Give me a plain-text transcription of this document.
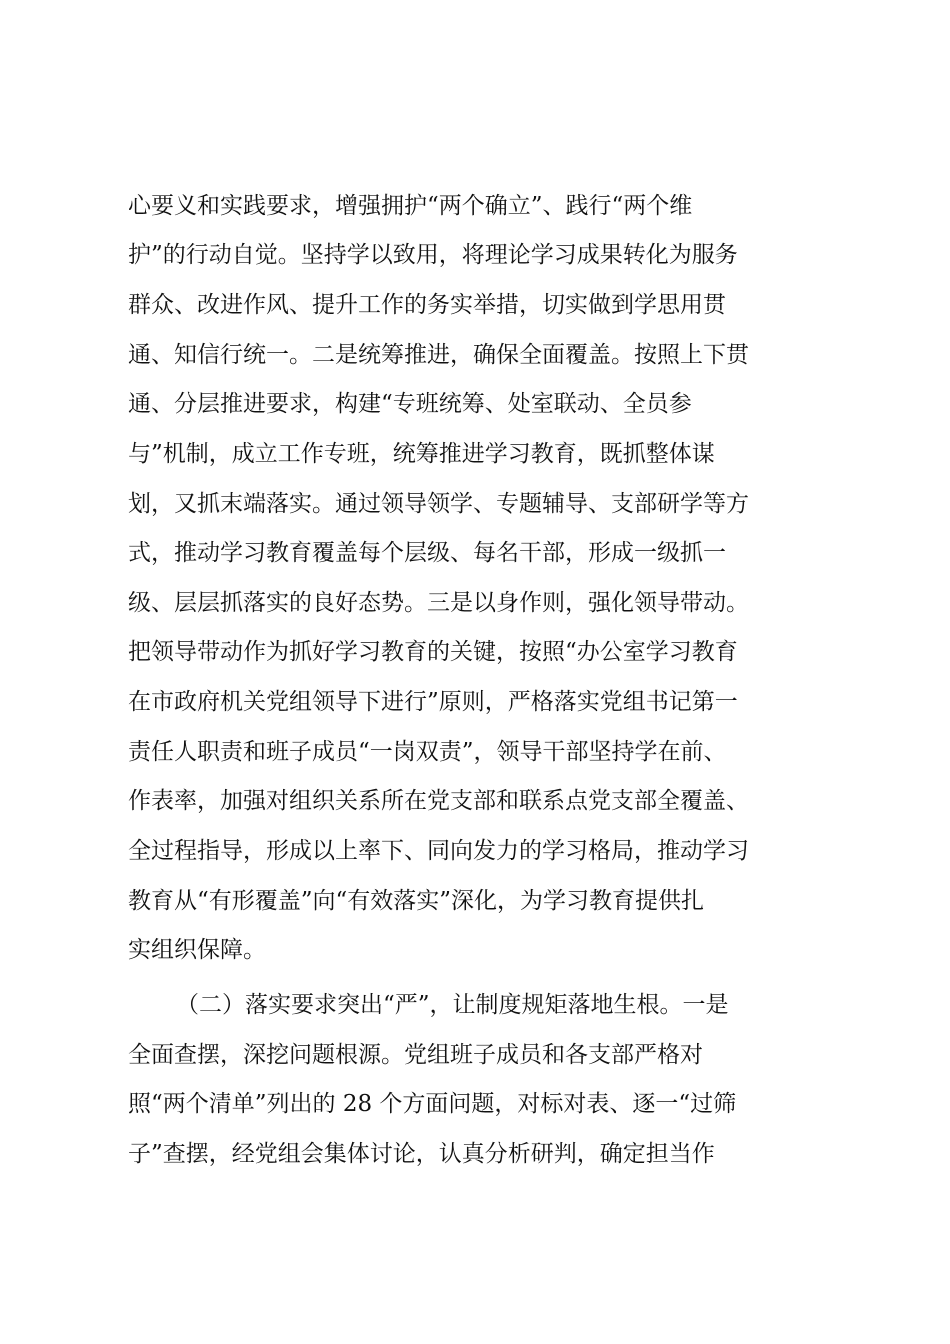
心要义和实践要求，增强拥护“两个确立”、践行“两个维
护”的行动自觉。坚持学以致用，将理论学习成果转化为服务
群众、改进作风、提升工作的务实举措，切实做到学思用贯
通、知信行统一。二是统筹推进，确保全面覆盖。按照上下贯
通、分层推进要求，构建“专班统筹、处室联动、全员参
与”机制，成立工作专班，统筹推进学习教育，既抓整体谋
划，又抓末端落实。通过领导领学、专题辅导、支部研学等方
式，推动学习教育覆盖每个层级、每名干部，形成一级抓一
级、层层抓落实的良好态势。三是以身作则，强化领导带动。
把领导带动作为抓好学习教育的关键，按照“办公室学习教育
在市政府机关党组领导下进行”原则，严格落实党组书记第一
责任人职责和班子成员“一岗双责”，领导干部坚持学在前、
作表率，加强对组织关系所在党支部和联系点党支部全覆盖、
全过程指导，形成以上率下、同向发力的学习格局，推动学习
教育从“有形覆盖”向“有效落实”深化，为学习教育提供扎
实组织保障。
（二）落实要求突出“严”，让制度规矩落地生根。一是
全面查摆，深挖问题根源。党组班子成员和各支部严格对
照“两个清单”列出的 28 个方面问题，对标对表、逐一“过筛
子”查摆，经党组会集体讨论，认真分析研判，确定担当作
